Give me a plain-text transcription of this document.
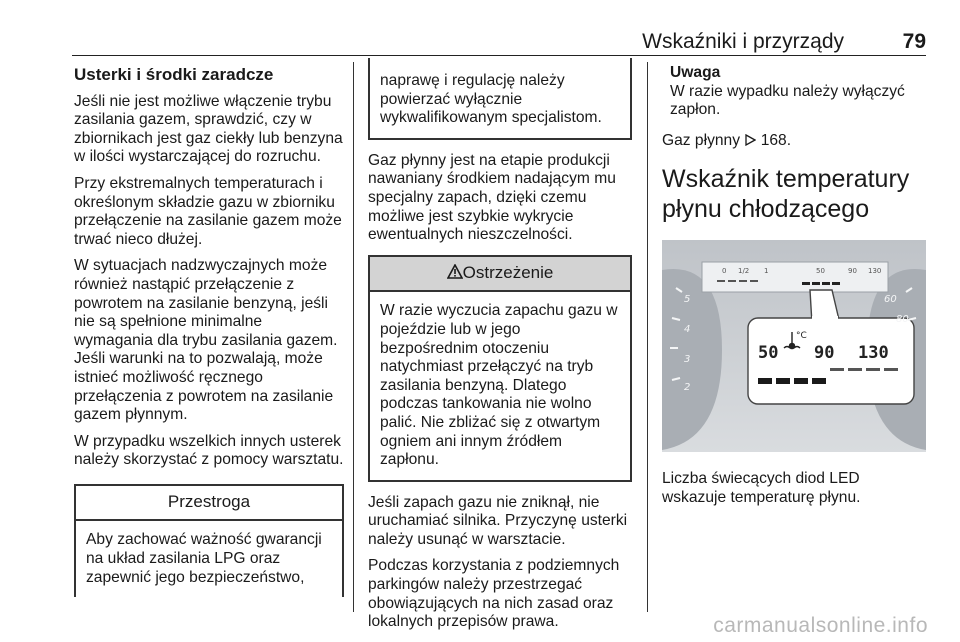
Wskaźniki i przyrządy	79
Usterki i środki zaradcze

Jeśli nie jest możliwe włączenie trybu zasilania gazem, sprawdzić, czy w zbiornikach jest gaz ciekły lub benzyna w ilości wystarczającej do rozruchu.

Przy ekstremalnych temperaturach i określonym składzie gazu w zbiorniku przełączenie na zasilanie gazem może trwać nieco dłużej.

W sytuacjach nadzwyczajnych może również nastąpić przełączenie z powrotem na zasilanie benzyną, jeśli nie są spełnione minimalne wymagania dla trybu zasilania gazem. Jeśli warunki na to pozwalają, może istnieć możliwość ręcznego przełączenia z powrotem na zasilanie gazem płynnym.

W przypadku wszelkich innych usterek należy skorzystać z pomocy warsztatu.

Przestroga
Aby zachować ważność gwarancji na układ zasilania LPG oraz zapewnić jego bezpieczeństwo,
naprawę i regulację należy powierzać wyłącznie wykwalifikowanym specjalistom.

Gaz płynny jest na etapie produkcji nawaniany środkiem nadającym mu specjalny zapach, dzięki czemu możliwe jest szybkie wykrycie ewentualnych nieszczelności.

Ostrzeżenie
W razie wyczucia zapachu gazu w pojeździe lub w jego bezpośrednim otoczeniu natychmiast przełączyć na tryb zasilania benzyną. Dlatego podczas tankowania nie wolno palić. Nie zbliżać się z otwartym ogniem ani innym źródłem zapłonu.

Jeśli zapach gazu nie zniknął, nie uruchamiać silnika. Przyczynę usterki należy usunąć w warsztacie.

Podczas korzystania z podziemnych parkingów należy przestrzegać obowiązujących na nich zasad oraz lokalnych przepisów prawa.

Uwaga
W razie wypadku należy wyłączyć zapłon.

Gaz płynny 168.

Wskaźnik temperatury płynu chłodzącego
0 1/2 1	50	90 130
50 90 130
°C
5
4
3
2
60
80
Liczba świecących diod LED wskazuje temperaturę płynu.
carmanualsonline.info
